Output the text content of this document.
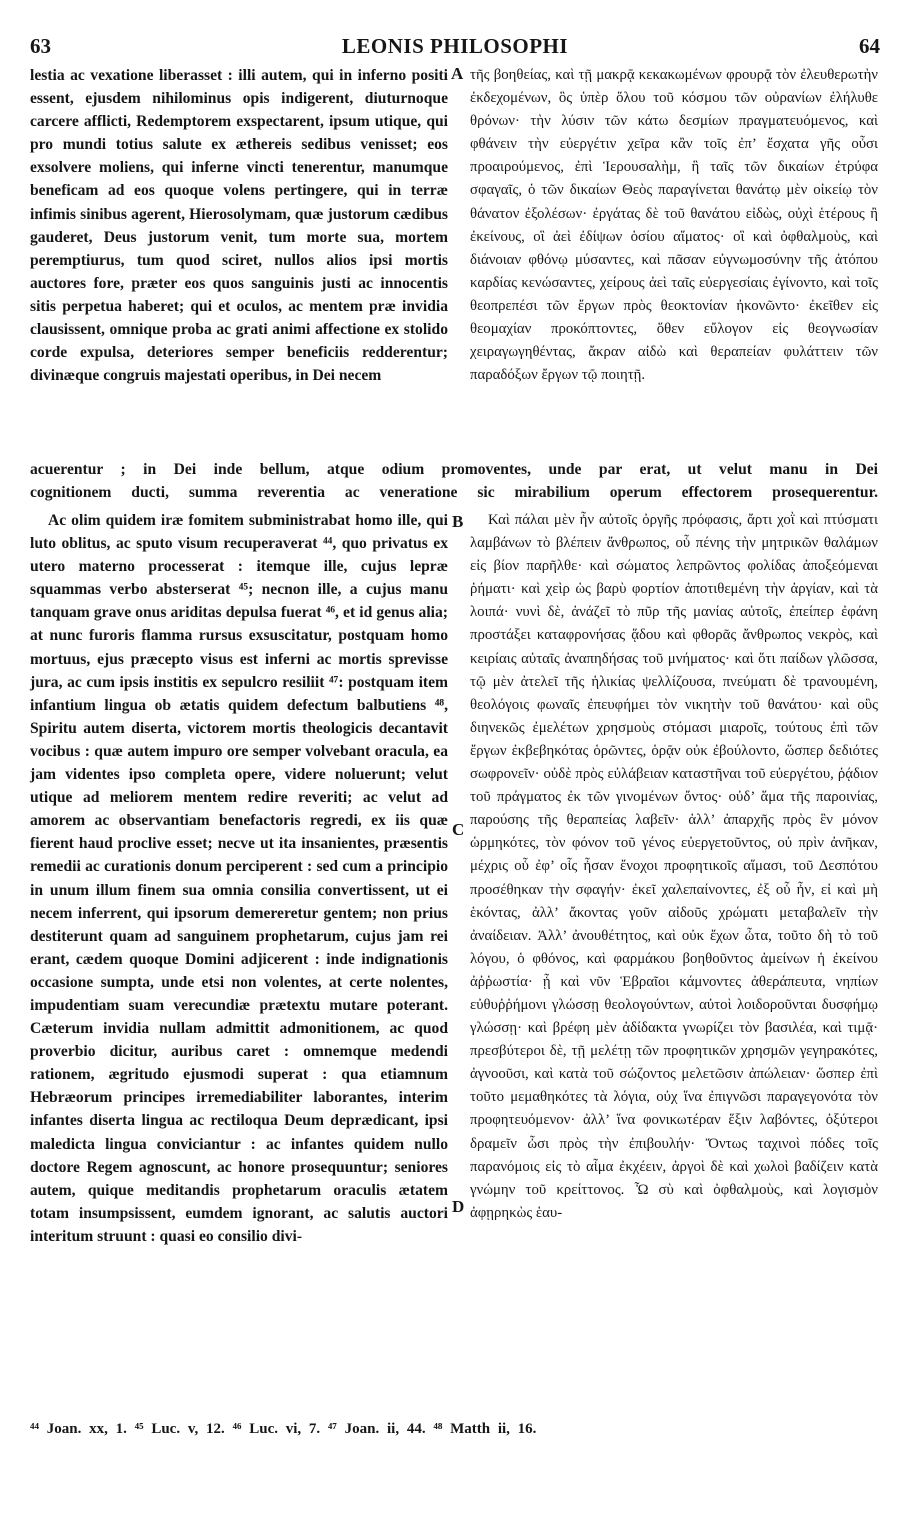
63	LEONIS PHILOSOPHI	64

lestia ac vexatione liberasset : illi autem, qui in inferno positi essent, ejusdem nihilominus opis indigerent, diuturnoque carcere afflicti, Redemptorem exspectarent, ipsum utique, qui pro mundi totius salute ex æthereis sedibus venisset; eos exsolvere moliens, qui inferne vincti tenerentur, manumque beneficam ad eos quoque volens pertingere, qui in terræ infimis sinibus agerent, Hierosolymam, quæ justorum cædibus gauderet, Deus justorum venit, tum morte sua, mortem peremptiurus, tum quod sciret, nullos alios ipsi mortis auctores fore, præter eos quos sanguinis justi ac innocentis sitis perpetua haberet; qui et oculos, ac mentem præ invidia clausissent, omnique proba ac grati animi affectione ex stolido corde expulsa, deteriores semper beneficiis redderentur; divinæque congruis majestati operibus, in Dei necem

A τῆς βοηθείας, καὶ τῇ μακρᾷ κεκακωμένων φρουρᾷ τὸν ἐλευθερωτὴν ἐκδεχομένων, ὃς ὑπὲρ ὅλου τοῦ κόσμου τῶν οὐρανίων ἐλήλυθε θρόνων· τὴν λύσιν τῶν κάτω δεσμίων πραγματευόμενος, καὶ φθάνειν τὴν εὐεργέτιν χεῖρα κἂν τοῖς ἐπ’ ἔσχατα γῆς οὖσι προαιρούμενος, ἐπὶ Ἱερουσαλὴμ, ἣ ταῖς τῶν δικαίων ἐτρύφα σφαγαῖς, ὁ τῶν δικαίων Θεὸς παραγίνεται θανάτῳ μὲν οἰκείῳ τὸν θάνατον ἐξολέσων· ἐργάτας δὲ τοῦ θανάτου εἰδὼς, οὐχὶ ἑτέρους ἢ ἐκείνους, οἳ ἀεὶ ἐδίψων ὁσίου αἵματος· οἳ καὶ ὀφθαλμοὺς, καὶ διάνοιαν φθόνῳ μύσαντες, καὶ πᾶσαν εὐγνωμοσύνην τῆς ἀτόπου καρδίας κενώσαντες, χείρους ἀεὶ ταῖς εὐεργεσίαις ἐγίνοντο, καὶ τοῖς θεοπρεπέσι τῶν ἔργων πρὸς θεοκτονίαν ἠκονῶντο· ἐκεῖθεν εἰς θεομαχίαν προκόπτοντες, ὅθεν εὔλογον εἰς θεογνωσίαν χειραγωγηθέντας, ἄκραν αἰδὼ καὶ θεραπείαν φυλάττειν τῶν παραδόξων ἔργων τῷ ποιητῇ.

acuerentur ; in Dei inde bellum, atque odium promoventes, unde par erat, ut velut manu in Dei
cognitionem ducti, summa reverentia ac veneratione sic mirabilium operum effectorem prosequerentur.

Ac olim quidem iræ fomitem subministrabat homo ille, qui luto oblitus, ac sputo visum recuperaverat ⁴⁴, quo privatus ex utero materno processerat : itemque ille, cujus lepræ squammas verbo absterserat ⁴⁵; necnon ille, a cujus manu tanquam grave onus ariditas depulsa fuerat ⁴⁶, et id genus alia; at nunc furoris flamma rursus exsuscitatur, postquam homo mortuus, ejus præcepto visus est inferni ac mortis sprevisse jura, ac cum ipsis institis ex sepulcro resiliit ⁴⁷: postquam item infantium lingua ob ætatis quidem defectum balbutiens ⁴⁸, Spiritu autem diserta, victorem mortis theologicis decantavit vocibus : quæ autem impuro ore semper volvebant oracula, ea jam videntes ipso completa opere, videre noluerunt; velut utique ad meliorem mentem redire reveriti; ac velut ad amorem ac observantiam benefactoris regredi, ex iis quæ fierent haud proclive esset; necve ut ita insanientes, præsentis remedii ac curationis donum perciperent : sed cum a principio in unum illum finem sua omnia consilia convertissent, ut ei necem inferrent, qui ipsorum demereretur gentem; non prius destiterunt quam ad sanguinem prophetarum, cujus jam rei erant, cædem quoque Domini adjicerent : inde indignationis occasione sumpta, unde etsi non volentes, at certe nolentes, impudentiam suam verecundiæ prætextu mutare poterant. Cæterum invidia nullam admittit admonitionem, ac quod proverbio dicitur, auribus caret : omnemque medendi rationem, ægritudo ejusmodi superat : qua etiamnum Hebræorum principes irremediabiliter laborantes, interim infantes diserta lingua ac rectiloqua Deum deprædicant, ipsi maledicta lingua conviciantur : ac infantes quidem nullo doctore Regem agnoscunt, ac honore prosequuntur; seniores autem, quique meditandis prophetarum oraculis ætatem totam insumpsissent, eumdem ignorant, ac salutis auctori interitum struunt : quasi eo consilio divi-

B
C
D

Καὶ πάλαι μὲν ἦν αὐτοῖς ὀργῆς πρόφασις, ἄρτι χοῒ καὶ πτύσματι λαμβάνων τὸ βλέπειν ἄνθρωπος, οὗ πένης τὴν μητρικῶν θαλάμων εἰς βίον παρῆλθε· καὶ σώματος λεπρῶντος φολίδας ἀποξεόμεναι ῥήματι· καὶ χεὶρ ὡς βαρὺ φορτίον ἀποτιθεμένη τὴν ἀργίαν, καὶ τὰ λοιπά· νυνὶ δὲ, ἀνάζεῖ τὸ πῦρ τῆς μανίας αὐτοῖς, ἐπείπερ ἐφάνη προστάξει καταφρονήσας ᾅδου καὶ φθορᾶς ἄνθρωπος νεκρὸς, καὶ κειρίαις αὐταῖς ἀναπηδήσας τοῦ μνήματος· καὶ ὅτι παίδων γλῶσσα, τῷ μὲν ἀτελεῖ τῆς ἡλικίας ψελλίζουσα, πνεύματι δὲ τρανουμένη, θεολόγοις φωναῖς ἐπευφήμει τὸν νικητὴν τοῦ θανάτου· καὶ οὓς διηνεκῶς ἐμελέτων χρησμοὺς στόμασι μιαροῖς, τούτους ἐπὶ τῶν ἔργων ἐκβεβηκότας ὁρῶντες, ὁρᾷν οὐκ ἐβούλοντο, ὥσπερ δεδιότες σωφρονεῖν· οὐδὲ πρὸς εὐλάβειαν καταστῆναι τοῦ εὐεργέτου, ῥᾴδιον τοῦ πράγματος ἐκ τῶν γινομένων ὄντος· οὐδ’ ἅμα τῆς παροινίας, παρούσης τῆς θεραπείας λαβεῖν· ἀλλ’ ἀπαρχῆς πρὸς ἓν μόνον ὡρμηκότες, τὸν φόνον τοῦ γένος εὐεργετοῦντος, οὐ πρὶν ἀνῆκαν, μέχρις οὗ ἐφ’ οἷς ἦσαν ἔνοχοι προφητικοῖς αἵμασι, τοῦ Δεσπότου προσέθηκαν τὴν σφαγήν· ἐκεῖ χαλεπαίνοντες, ἐξ οὗ ἦν, εἰ καὶ μὴ ἑκόντας, ἀλλ’ ἄκοντας γοῦν αἰδοῦς χρώματι μεταβαλεῖν τὴν ἀναίδειαν. Ἀλλ’ ἀνουθέτητος, καὶ οὐκ ἔχων ὦτα, τοῦτο δὴ τὸ τοῦ λόγου, ὁ φθόνος, καὶ φαρμάκου βοηθοῦντος ἀμείνων ἡ ἐκείνου ἀῤῥωστία· ᾗ καὶ νῦν Ἑβραῖοι κάμνοντες ἀθεράπευτα, νηπίων εὐθυῤῥήμονι γλώσσῃ θεολογούντων, αὐτοὶ λοιδοροῦνται δυσφήμῳ γλώσσῃ· καὶ βρέφη μὲν ἀδίδακτα γνωρίζει τὸν βασιλέα, καὶ τιμᾷ· πρεσβύτεροι δὲ, τῇ μελέτῃ τῶν προφητικῶν χρησμῶν γεγηρακότες, ἀγνοοῦσι, καὶ κατὰ τοῦ σώζοντος μελετῶσιν ἀπώλειαν· ὥσπερ ἐπὶ τοῦτο μεμαθηκότες τὰ λόγια, οὐχ ἵνα ἐπιγνῶσι παραγεγονότα τὸν προφητευόμενον· ἀλλ’ ἵνα φονικωτέραν ἕξιν λαβόντες, ὀξύτεροι δραμεῖν ὦσι πρὸς τὴν ἐπιβουλήν· Ὄντως ταχινοὶ πόδες τοῖς παρανόμοις εἰς τὸ αἷμα ἐκχέειν, ἀργοὶ δὲ καὶ χωλοὶ βαδίζειν κατὰ γνώμην τοῦ κρείττονος. Ὦ σὺ καὶ ὀφθαλμοὺς, καὶ λογισμὸν ἀφῃρηκὼς ἑαυ-

⁴⁴ Joan. xx, 1. ⁴⁵ Luc. v, 12. ⁴⁶ Luc. vi, 7. ⁴⁷ Joan. ii, 44. ⁴⁸ Matth ii, 16.
